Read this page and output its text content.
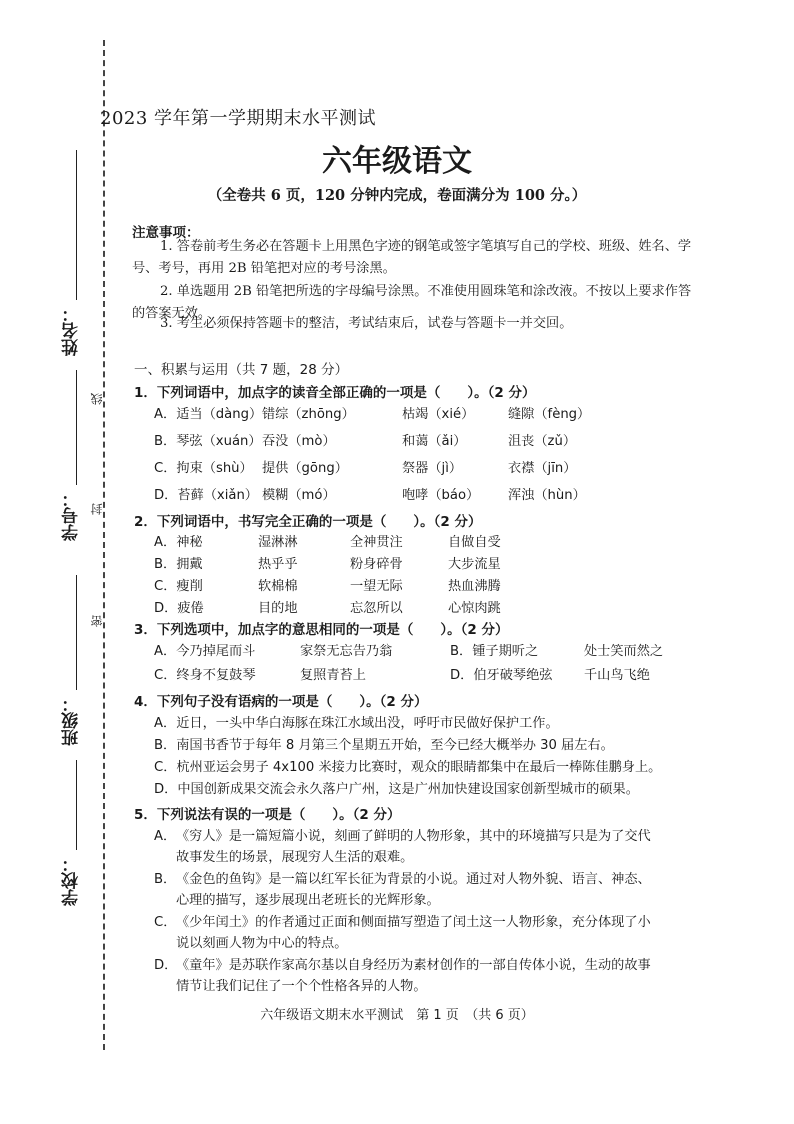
姓名：
学号：
班级：
学校：
线
封
密
2023 学年第一学期期末水平测试
六年级语文
（全卷共 6 页，120 分钟内完成，卷面满分为 100 分。）
注意事项：
1. 答卷前考生务必在答题卡上用黑色字迹的钢笔或签字笔填写自己的学校、班级、姓名、学号、考号，再用 2B 铅笔把对应的考号涂黑。
2. 单选题用 2B 铅笔把所选的字母编号涂黑。不准使用圆珠笔和涂改液。不按以上要求作答的答案无效。
3. 考生必须保持答题卡的整洁，考试结束后，试卷与答题卡一并交回。
一、积累与运用（共 7 题，28 分）
1．下列词语中，加点字的读音全部正确的一项是（　　）。（2 分）
A．适当（dàng） 错综（zhōng）	枯竭（xié）	缝隙（fèng）
B．琴弦（xuán） 吞没（mò）	和蔼（ǎi）	沮丧（zǔ）
C．拘束（shù） 提供（gōng）	祭器（jì）	衣襟（jīn）
D．苔藓（xiǎn） 模糊（mó）	咆哮（báo） 浑浊（hùn）
2．下列词语中，书写完全正确的一项是（　　）。（2 分）
A．神秘	湿淋淋	全神贯注	自做自受
B．拥戴	热乎乎	粉身碎骨	大步流星
C．瘦削	软棉棉	一望无际	热血沸腾
D．疲倦	目的地	忘忽所以	心惊肉跳
3．下列选项中，加点字的意思相同的一项是（　　）。（2 分）
A．今乃掉尾而斗	家祭无忘告乃翁	B．锺子期听之	处士笑而然之
C．终身不复鼓琴	复照青苔上	D．伯牙破琴绝弦 千山鸟飞绝
4．下列句子没有语病的一项是（　　）。（2 分）
A．近日，一头中华白海豚在珠江水域出没，呼吁市民做好保护工作。
B．南国书香节于每年 8 月第三个星期五开始，至今已经大概举办 30 届左右。
C．杭州亚运会男子 4x100 米接力比赛时，观众的眼睛都集中在最后一棒陈佳鹏身上。
D．中国创新成果交流会永久落户广州，这是广州加快建设国家创新型城市的硕果。
5．下列说法有误的一项是（　　）。（2 分）
A．《穷人》是一篇短篇小说，刻画了鲜明的人物形象，其中的环境描写只是为了交代
故事发生的场景，展现穷人生活的艰难。
B．《金色的鱼钩》是一篇以红军长征为背景的小说。通过对人物外貌、语言、神态、
心理的描写，逐步展现出老班长的光辉形象。
C．《少年闰土》的作者通过正面和侧面描写塑造了闰土这一人物形象，充分体现了小
说以刻画人物为中心的特点。
D．《童年》是苏联作家高尔基以自身经历为素材创作的一部自传体小说，生动的故事
情节让我们记住了一个个性格各异的人物。
六年级语文期末水平测试　第 1 页　（共 6 页）
